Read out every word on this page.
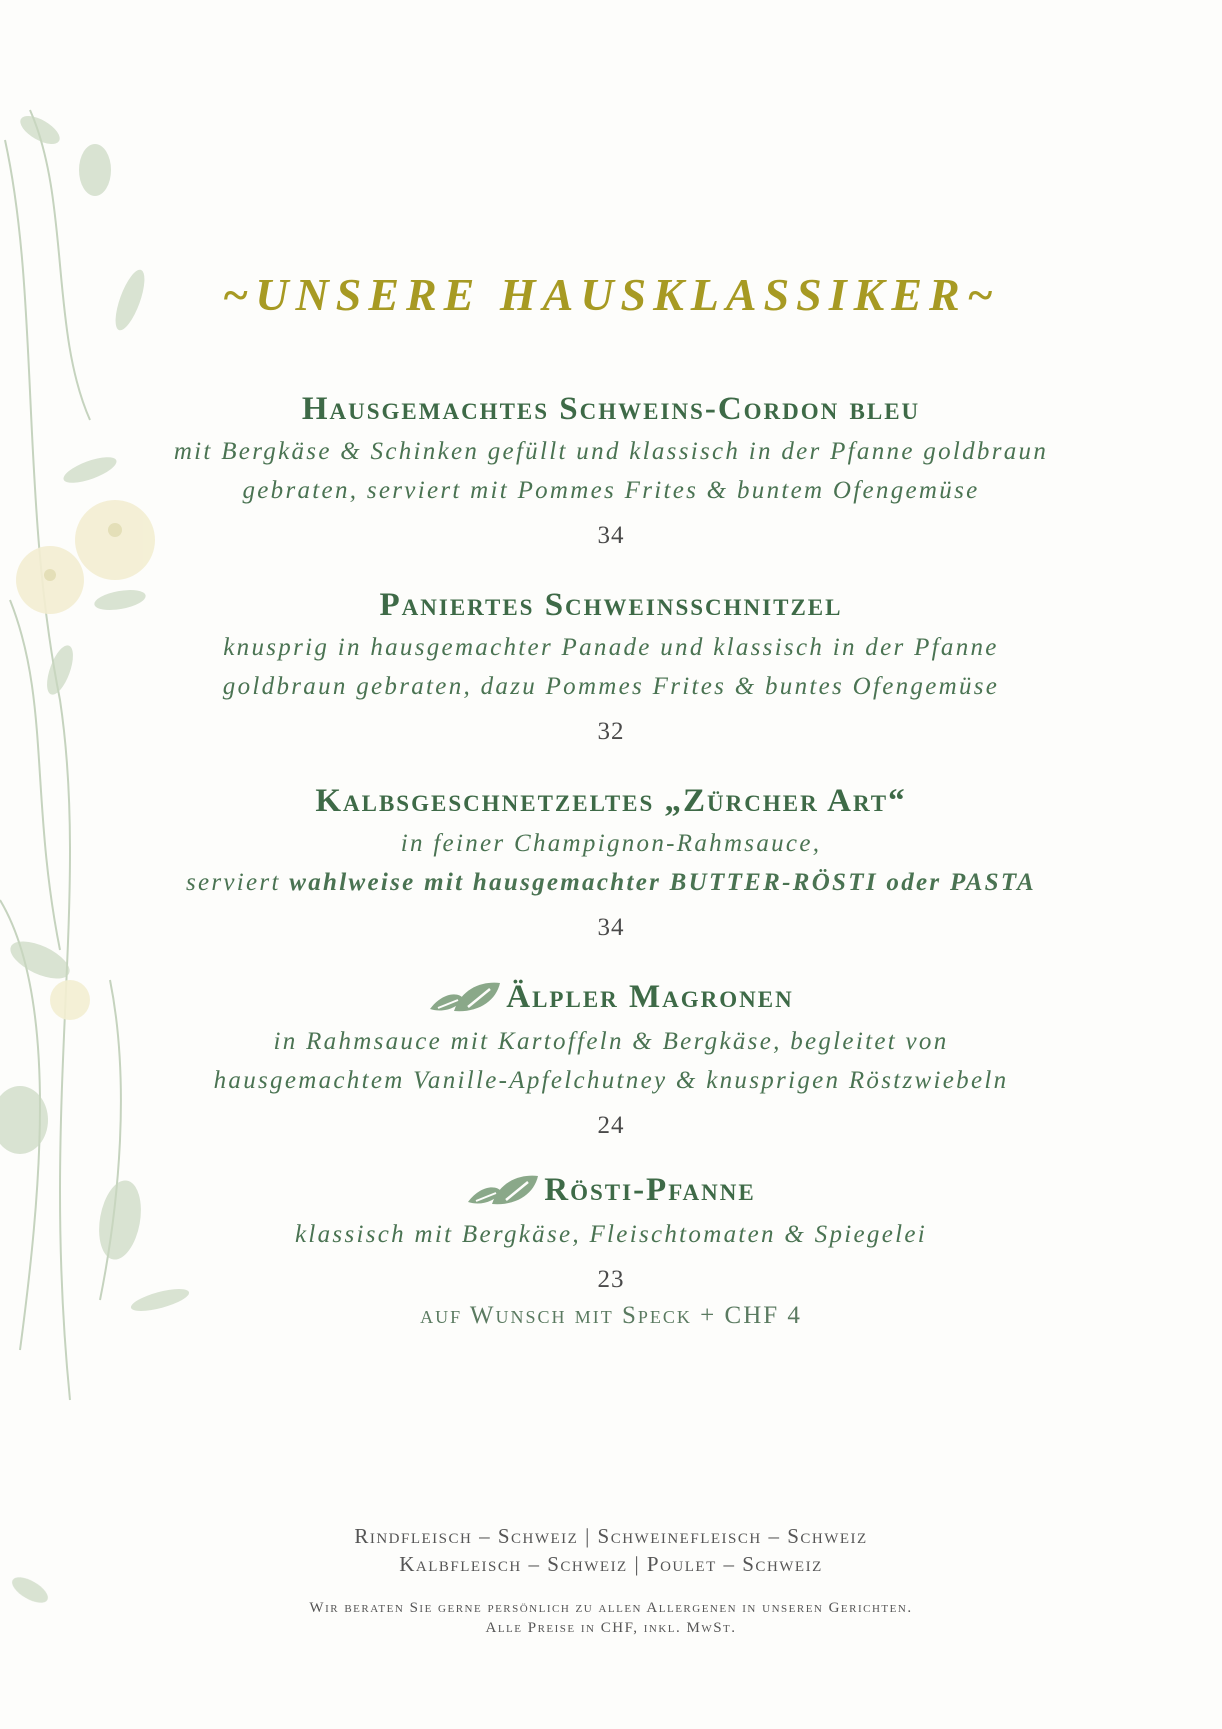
~UNSERE HAUSKLASSIKER~
Hausgemachtes Schweins-Cordon bleu
mit Bergkäse & Schinken gefüllt und klassisch in der Pfanne goldbraun
gebraten, serviert mit Pommes Frites & buntem Ofengemüse
34
Paniertes Schweinsschnitzel
knusprig in hausgemachter Panade und klassisch in der Pfanne
goldbraun gebraten, dazu Pommes Frites & buntes Ofengemüse
32
Kalbsgeschnetzeltes „Zürcher Art“
in feiner Champignon-Rahmsauce,
serviert wahlweise mit hausgemachter BUTTER-RÖSTI oder PASTA
34
Älpler Magronen
in Rahmsauce mit Kartoffeln & Bergkäse, begleitet von
hausgemachtem Vanille-Apfelchutney & knusprigen Röstzwiebeln
24
Rösti-Pfanne
klassisch mit Bergkäse, Fleischtomaten & Spiegelei
23
auf Wunsch mit Speck + CHF 4
Rindfleisch – Schweiz | Schweinefleisch – Schweiz
Kalbfleisch – Schweiz | Poulet – Schweiz
Wir beraten Sie gerne persönlich zu allen Allergenen in unseren Gerichten.
Alle Preise in CHF, inkl. MwSt.
